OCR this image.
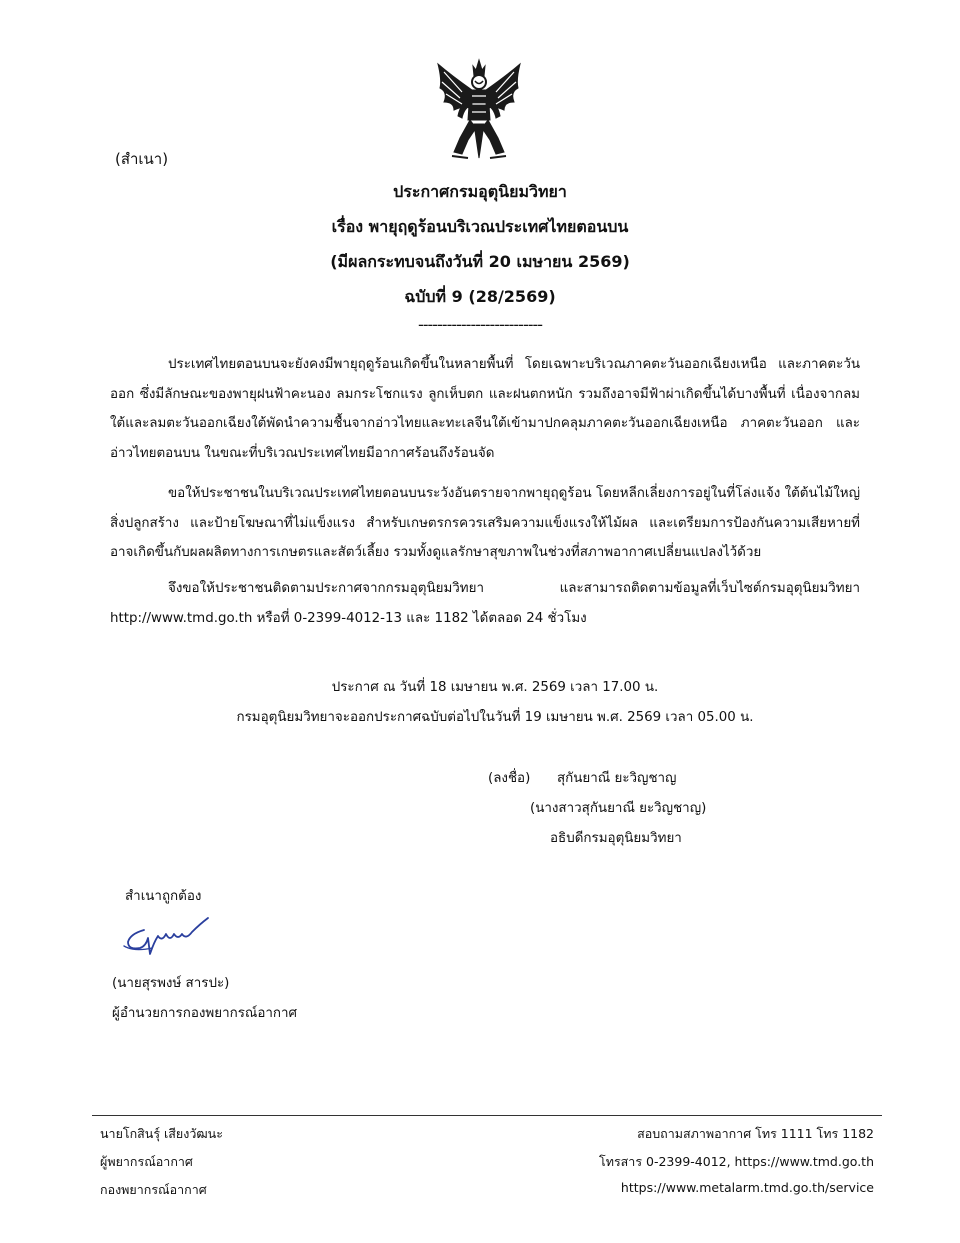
(สำเนา)
ประกาศกรมอุตุนิยมวิทยา
เรื่อง พายุฤดูร้อนบริเวณประเทศไทยตอนบน
(มีผลกระทบจนถึงวันที่ 20 เมษายน 2569)
ฉบับที่ 9 (28/2569)
--------------------------
ประเทศไทยตอนบนจะยังคงมีพายุฤดูร้อนเกิดขึ้นในหลายพื้นที่ โดยเฉพาะบริเวณภาคตะวันออกเฉียงเหนือ และภาคตะวันออก ซึ่งมีลักษณะของพายุฝนฟ้าคะนอง ลมกระโชกแรง ลูกเห็บตก และฝนตกหนัก รวมถึงอาจมีฟ้าผ่าเกิดขึ้นได้บางพื้นที่ เนื่องจากลมใต้และลมตะวันออกเฉียงใต้พัดนำความชื้นจากอ่าวไทยและทะเลจีนใต้เข้ามาปกคลุมภาคตะวันออกเฉียงเหนือ ภาคตะวันออก และอ่าวไทยตอนบน ในขณะที่บริเวณประเทศไทยมีอากาศร้อนถึงร้อนจัด
ขอให้ประชาชนในบริเวณประเทศไทยตอนบนระวังอันตรายจากพายุฤดูร้อน โดยหลีกเลี่ยงการอยู่ในที่โล่งแจ้ง ใต้ต้นไม้ใหญ่ สิ่งปลูกสร้าง และป้ายโฆษณาที่ไม่แข็งแรง สำหรับเกษตรกรควรเสริมความแข็งแรงให้ไม้ผล และเตรียมการป้องกันความเสียหายที่อาจเกิดขึ้นกับผลผลิตทางการเกษตรและสัตว์เลี้ยง รวมทั้งดูแลรักษาสุขภาพในช่วงที่สภาพอากาศเปลี่ยนแปลงไว้ด้วย
จึงขอให้ประชาชนติดตามประกาศจากกรมอุตุนิยมวิทยา และสามารถติดตามข้อมูลที่เว็บไซต์กรมอุตุนิยมวิทยา http://www.tmd.go.th หรือที่ 0-2399-4012-13 และ 1182 ได้ตลอด 24 ชั่วโมง
ประกาศ ณ วันที่ 18 เมษายน พ.ศ. 2569 เวลา 17.00 น.
กรมอุตุนิยมวิทยาจะออกประกาศฉบับต่อไปในวันที่ 19 เมษายน พ.ศ. 2569 เวลา 05.00 น.
(ลงชื่อ) สุกันยาณี ยะวิญชาญ
(นางสาวสุกันยาณี ยะวิญชาญ)
อธิบดีกรมอุตุนิยมวิทยา
สำเนาถูกต้อง
(นายสุรพงษ์ สารปะ)
ผู้อำนวยการกองพยากรณ์อากาศ
นายโกสินรุ์ เสียงวัฒนะ
ผู้พยากรณ์อากาศ
กองพยากรณ์อากาศ
สอบถามสภาพอากาศ โทร 1111 โทร 1182
โทรสาร 0-2399-4012, https://www.tmd.go.th
https://www.metalarm.tmd.go.th/service
